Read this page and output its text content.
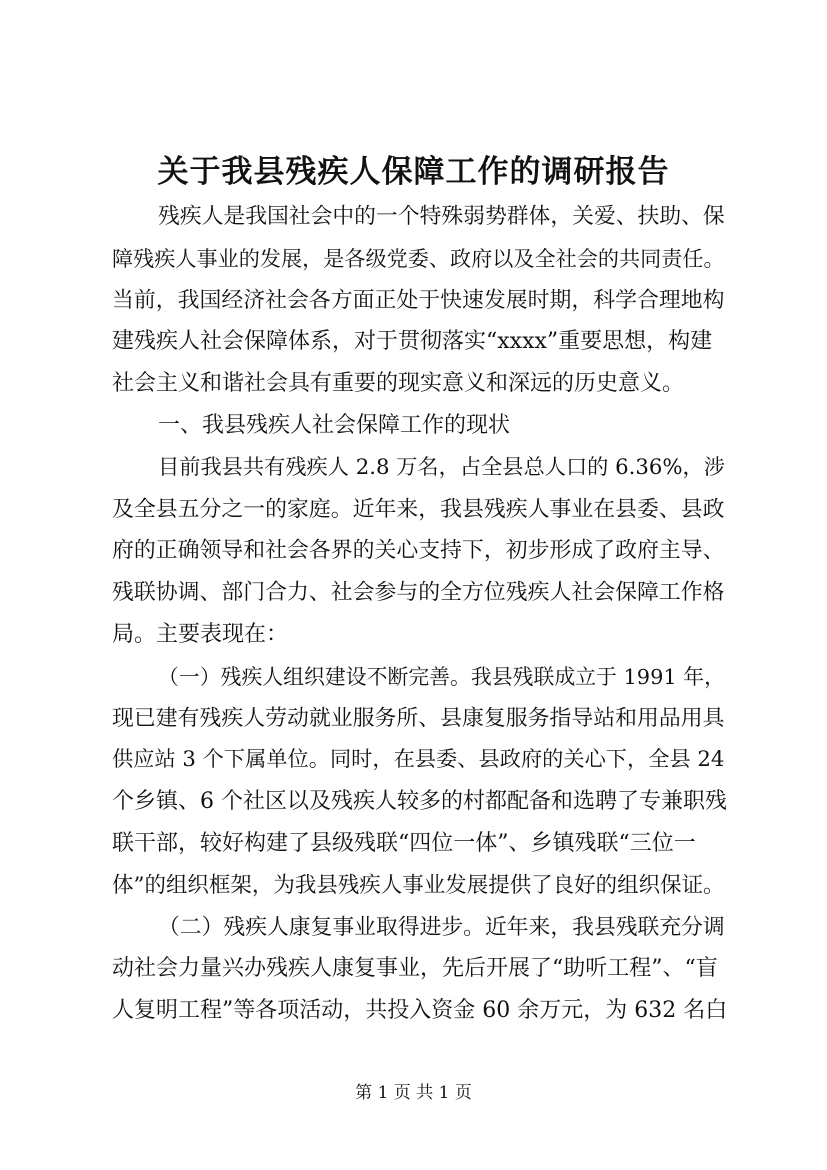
关于我县残疾人保障工作的调研报告
残疾人是我国社会中的一个特殊弱势群体，关爱、扶助、保
障残疾人事业的发展，是各级党委、政府以及全社会的共同责任。
当前，我国经济社会各方面正处于快速发展时期，科学合理地构
建残疾人社会保障体系，对于贯彻落实“xxxx”重要思想，构建
社会主义和谐社会具有重要的现实意义和深远的历史意义。
一、我县残疾人社会保障工作的现状
目前我县共有残疾人 2.8 万名，占全县总人口的 6.36%，涉
及全县五分之一的家庭。近年来，我县残疾人事业在县委、县政
府的正确领导和社会各界的关心支持下，初步形成了政府主导、
残联协调、部门合力、社会参与的全方位残疾人社会保障工作格
局。主要表现在：
（一）残疾人组织建设不断完善。我县残联成立于 1991 年，
现已建有残疾人劳动就业服务所、县康复服务指导站和用品用具
供应站 3 个下属单位。同时，在县委、县政府的关心下，全县 24
个乡镇、6 个社区以及残疾人较多的村都配备和选聘了专兼职残
联干部，较好构建了县级残联“四位一体”、乡镇残联“三位一
体”的组织框架，为我县残疾人事业发展提供了良好的组织保证。
（二）残疾人康复事业取得进步。近年来，我县残联充分调
动社会力量兴办残疾人康复事业，先后开展了“助听工程”、“盲
人复明工程”等各项活动，共投入资金 60 余万元，为 632 名白
第 1 页 共 1 页
